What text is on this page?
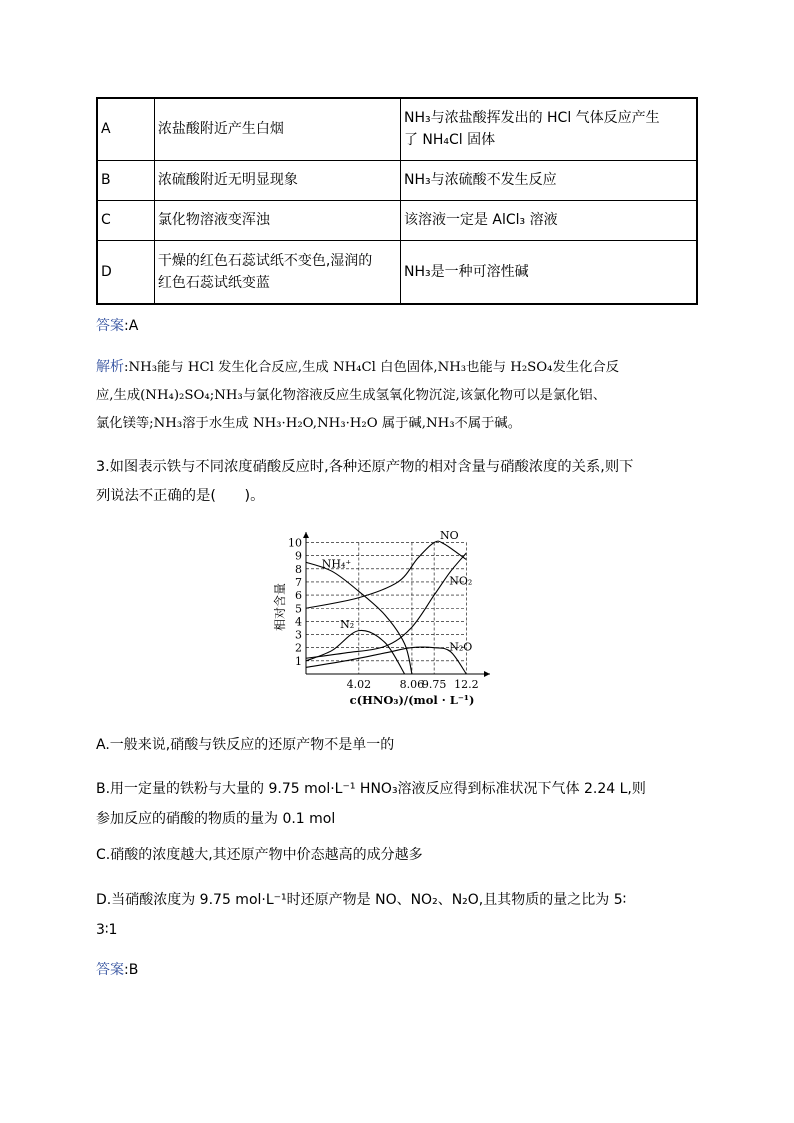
A	浓盐酸附近产生白烟	NH₃与浓盐酸挥发出的 HCl 气体反应产生
了 NH₄Cl 固体

B	浓硫酸附近无明显现象	NH₃与浓硫酸不发生反应
C	氯化物溶液变浑浊	该溶液一定是 AlCl₃ 溶液
D	干燥的红色石蕊试纸不变色,湿润的
红色石蕊试纸变蓝	NH₃是一种可溶性碱
答案:A
解析:NH₃能与 HCl 发生化合反应,生成 NH₄Cl 白色固体,NH₃也能与 H₂SO₄发生化合反
应,生成(NH₄)₂SO₄;NH₃与氯化物溶液反应生成氢氧化物沉淀,该氯化物可以是氯化铝、
氯化镁等;NH₃溶于水生成 NH₃·H₂O,NH₃·H₂O 属于碱,NH₃不属于碱。
3.如图表示铁与不同浓度硝酸反应时,各种还原产物的相对含量与硝酸浓度的关系,则下
列说法不正确的是(　　)。
1
2
3
4
5
6
7
8
9
10
4.02	8.06
9.75 12.2
c(HNO₃)/(mol · L⁻¹)
相对含量
NO
NO₂
NH₄⁺
N₂
N₂O
A.一般来说,硝酸与铁反应的还原产物不是单一的
B.用一定量的铁粉与大量的 9.75 mol·L⁻¹ HNO₃溶液反应得到标准状况下气体 2.24 L,则
参加反应的硝酸的物质的量为 0.1 mol
C.硝酸的浓度越大,其还原产物中价态越高的成分越多
D.当硝酸浓度为 9.75 mol·L⁻¹时还原产物是 NO、NO₂、N₂O,且其物质的量之比为 5∶
3∶1
答案:B
